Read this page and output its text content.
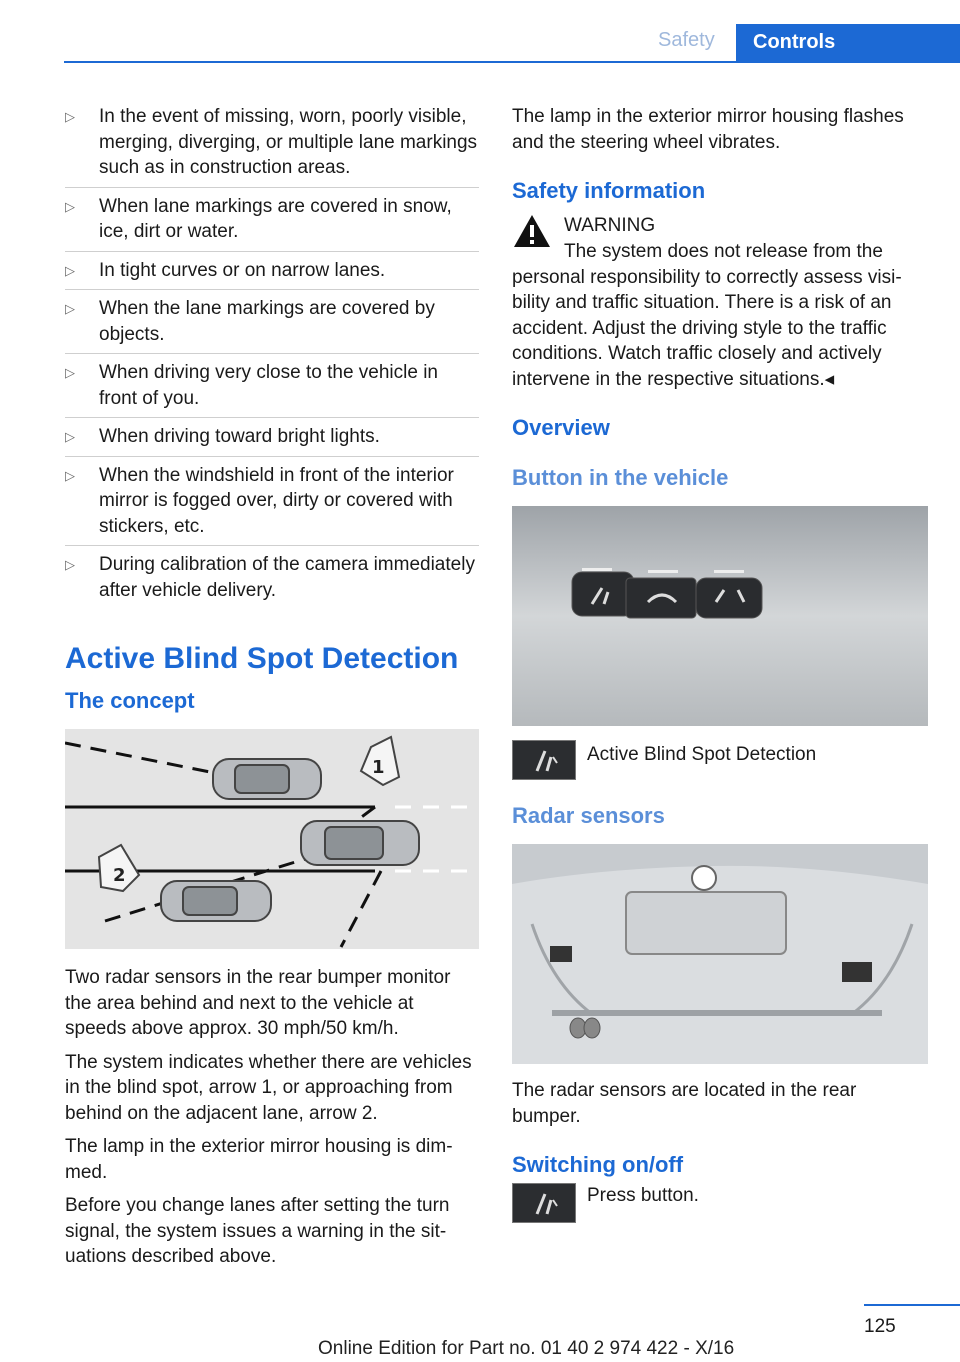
Safety	Controls
▷ In the event of missing, worn, poorly visible, merging, diverging, or multiple lane markings such as in construction areas.
▷ When lane markings are covered in snow, ice, dirt or water.
▷ In tight curves or on narrow lanes.
▷ When the lane markings are covered by objects.
▷ When driving very close to the vehicle in front of you.
▷ When driving toward bright lights.
▷ When the windshield in front of the interior mirror is fogged over, dirty or covered with stickers, etc.
▷ During calibration of the camera immediately after vehicle delivery.
Active Blind Spot Detection
The concept
1
2

Two radar sensors in the rear bumper monitor the area behind and next to the vehicle at speeds above approx. 30 mph/50 km/h.

The system indicates whether there are vehicles in the blind spot, arrow 1, or approaching from behind on the adjacent lane, arrow 2.

The lamp in the exterior mirror housing is dimmed.

Before you change lanes after setting the turn signal, the system issues a warning in the situations described above.

The lamp in the exterior mirror housing flashes and the steering wheel vibrates.

Safety information
WARNING

The system does not release from the personal responsibility to correctly assess visibility and traffic situation. There is a risk of an accident. Adjust the driving style to the traffic conditions. Watch traffic closely and actively intervene in the respective situations.◂

Overview
Button in the vehicle
Active Blind Spot Detection
Radar sensors

The radar sensors are located in the rear bumper.

Switching on/off
Press button.
125
Online Edition for Part no. 01 40 2 974 422 - X/16
